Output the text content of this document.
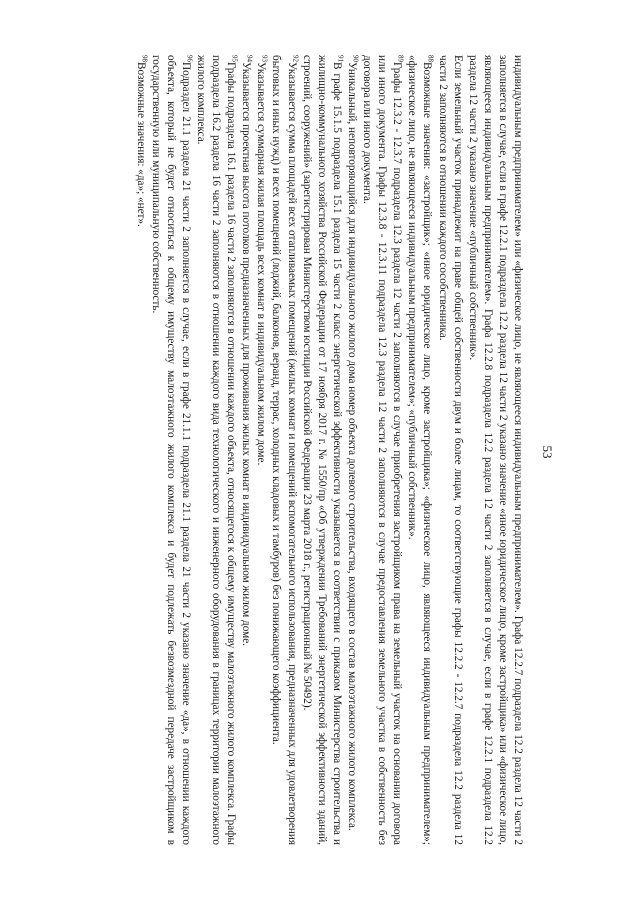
53

индивидуальным предпринимателем» или «физическое лицо, не являющееся индивидуальным предпринимателем». Графа 12.2.7 подраздела 12.2 раздела 12 части 2 заполняется в случае, если в графе 12.2.1 подраздела 12.2 раздела 12 части 2 указано значение «иное юридическое лицо, кроме застройщика» или «физическое лицо, являющееся индивидуальным предпринимателем». Графа 12.2.8 подраздела 12.2 раздела 12 части 2 заполняется в случае, если в графе 12.2.1 подраздела 12.2 раздела 12 части 2 указано значение «публичный собственник».

Если земельный участок принадлежит на праве общей собственности двум и более лицам, то соответствующие графы 12.2.2 - 12.2.7 подраздела 12.2 раздела 12 части 2 заполняются в отношении каждого сособственника.

$^{88}$Возможные значения: «застройщик»; «иное юридическое лицо, кроме застройщика»; «физическое лицо, являющееся индивидуальным предпринимателем»; «физическое лицо, не являющееся индивидуальным предпринимателем»; «публичный собственник».

$^{89}$Графы 12.3.2 - 12.3.7 подраздела 12.3 раздела 12 части 2 заполняются в случае приобретения застройщиком права на земельный участок на основании договора или иного документа. Графы 12.3.8 - 12.3.11 подраздела 12.3 раздела 12 части 2 заполняются в случае предоставления земельного участка в собственность без договора или иного документа.

$^{90}$Уникальный, неповторяющийся для индивидуального жилого дома номер объекта долевого строительства, входящего в состав малоэтажного жилого комплекса.

$^{91}$В графе 15.1.5 подраздела 15.1 раздела 15 части 2 класс энергетической эффективности указывается в соответствии с приказом Министерства строительства и жилищно-коммунального хозяйства Российской Федерации от 17 ноября 2017 г. № 1550/пр «Об утверждении Требований энергетической эффективности зданий, строений, сооружений» (зарегистрирован Министерством юстиции Российской Федерации 23 марта 2018 г., регистрационный № 50492).

$^{92}$Указывается сумма площадей всех отапливаемых помещений (жилых комнат и помещений вспомогательного использования, предназначенных для удовлетворения бытовых и иных нужд) и всех помещений (лоджий, балконов, веранд, террас, холодных кладовых и тамбуров) без понижающего коэффициента.

$^{93}$Указывается суммарная жилая площадь всех комнат в индивидуальном жилом доме.

$^{94}$Указывается проектная высота потолков предназначенных для проживания жилых комнат в индивидуальном жилом доме.

$^{95}$Графы подраздела 16.1 раздела 16 части 2 заполняются в отношении каждого объекта, относящегося к общему имуществу малоэтажного жилого комплекса. Графы подраздела 16.2 раздела 16 части 2 заполняются в отношении каждого вида технологического и инженерного оборудования в границах территории малоэтажного жилого комплекса.

$^{96}$Подраздел 21.1 раздела 21 части 2 заполняется в случае, если в графе 21.1.1 подраздела 21.1 раздела 21 части 2 указано значение «да», в отношении каждого объекта, который не будет относиться к общему имуществу малоэтажного жилого комплекса и будет подлежать безвозмездной передаче застройщиком в государственную или муниципальную собственность.

$^{98}$Возможные значения: «да»; «нет».
